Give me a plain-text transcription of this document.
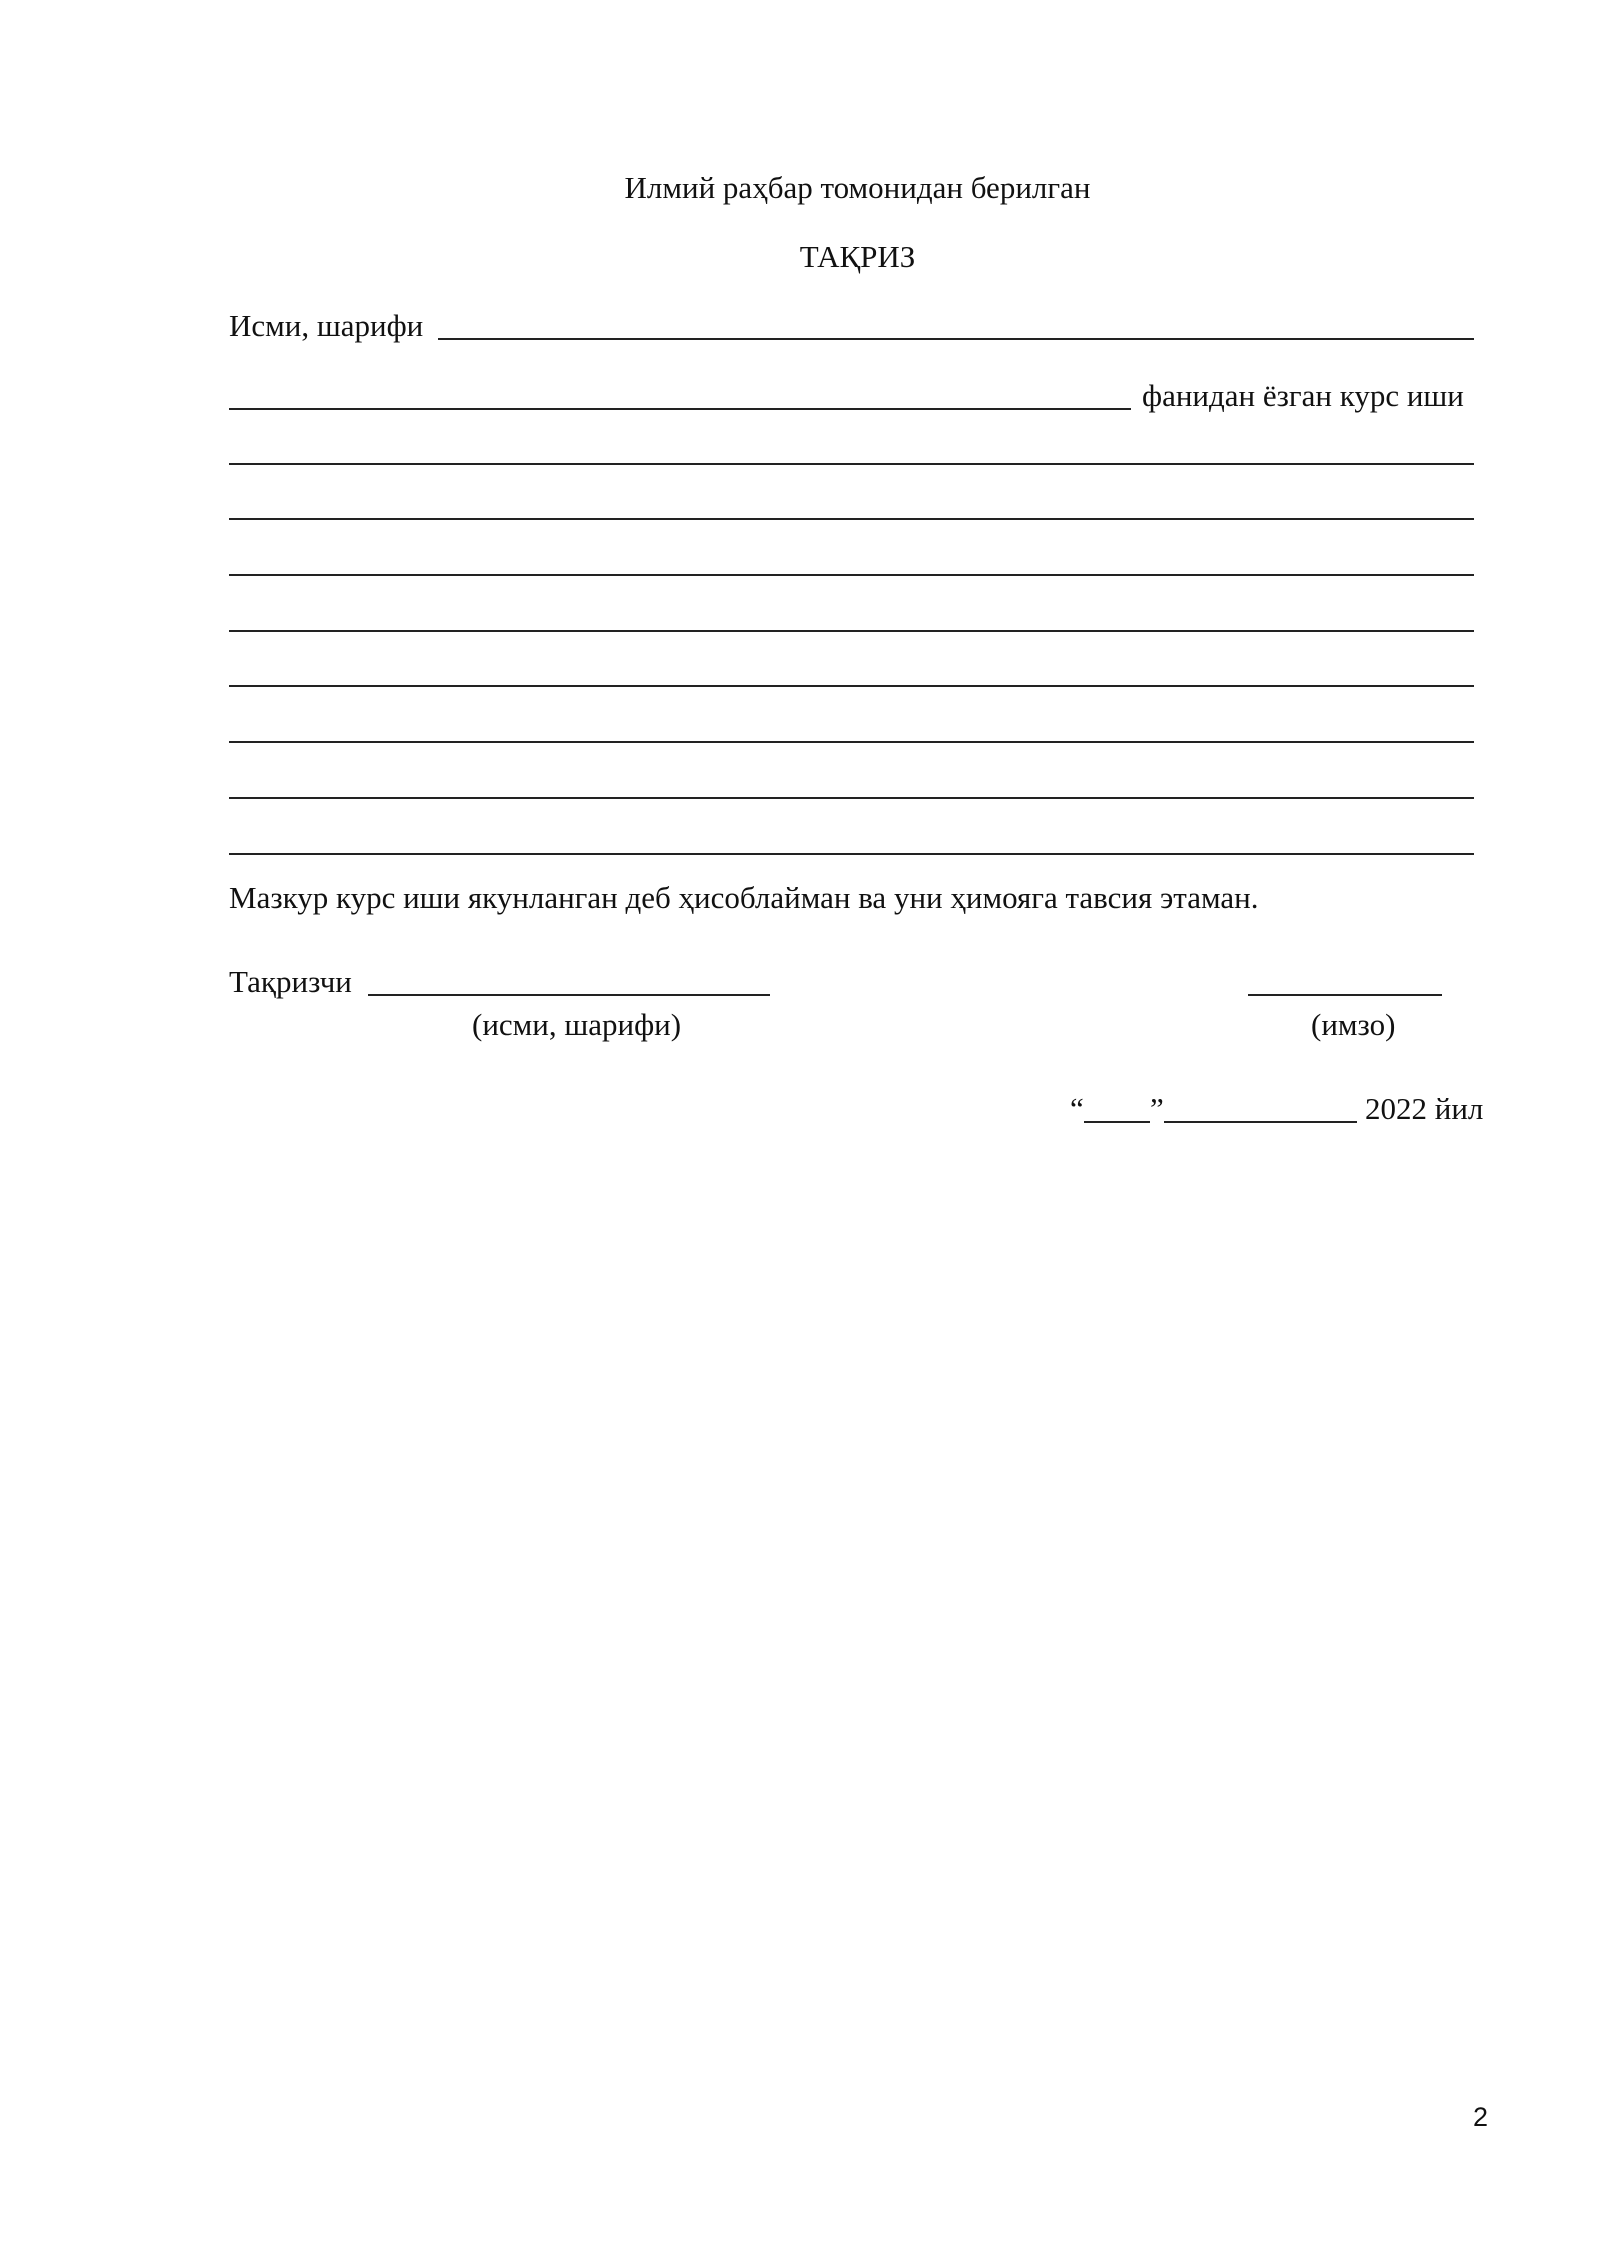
Илмий раҳбар томонидан берилган
ТАҚРИЗ
Исми, шарифи
фанидан ёзган курс иши
Мазкур курс иши якунланган деб ҳисоблайман ва уни ҳимояга тавсия этаман.
Тақризчи
(исми, шарифи)	(имзо)
“ ”	2022 йил
2
